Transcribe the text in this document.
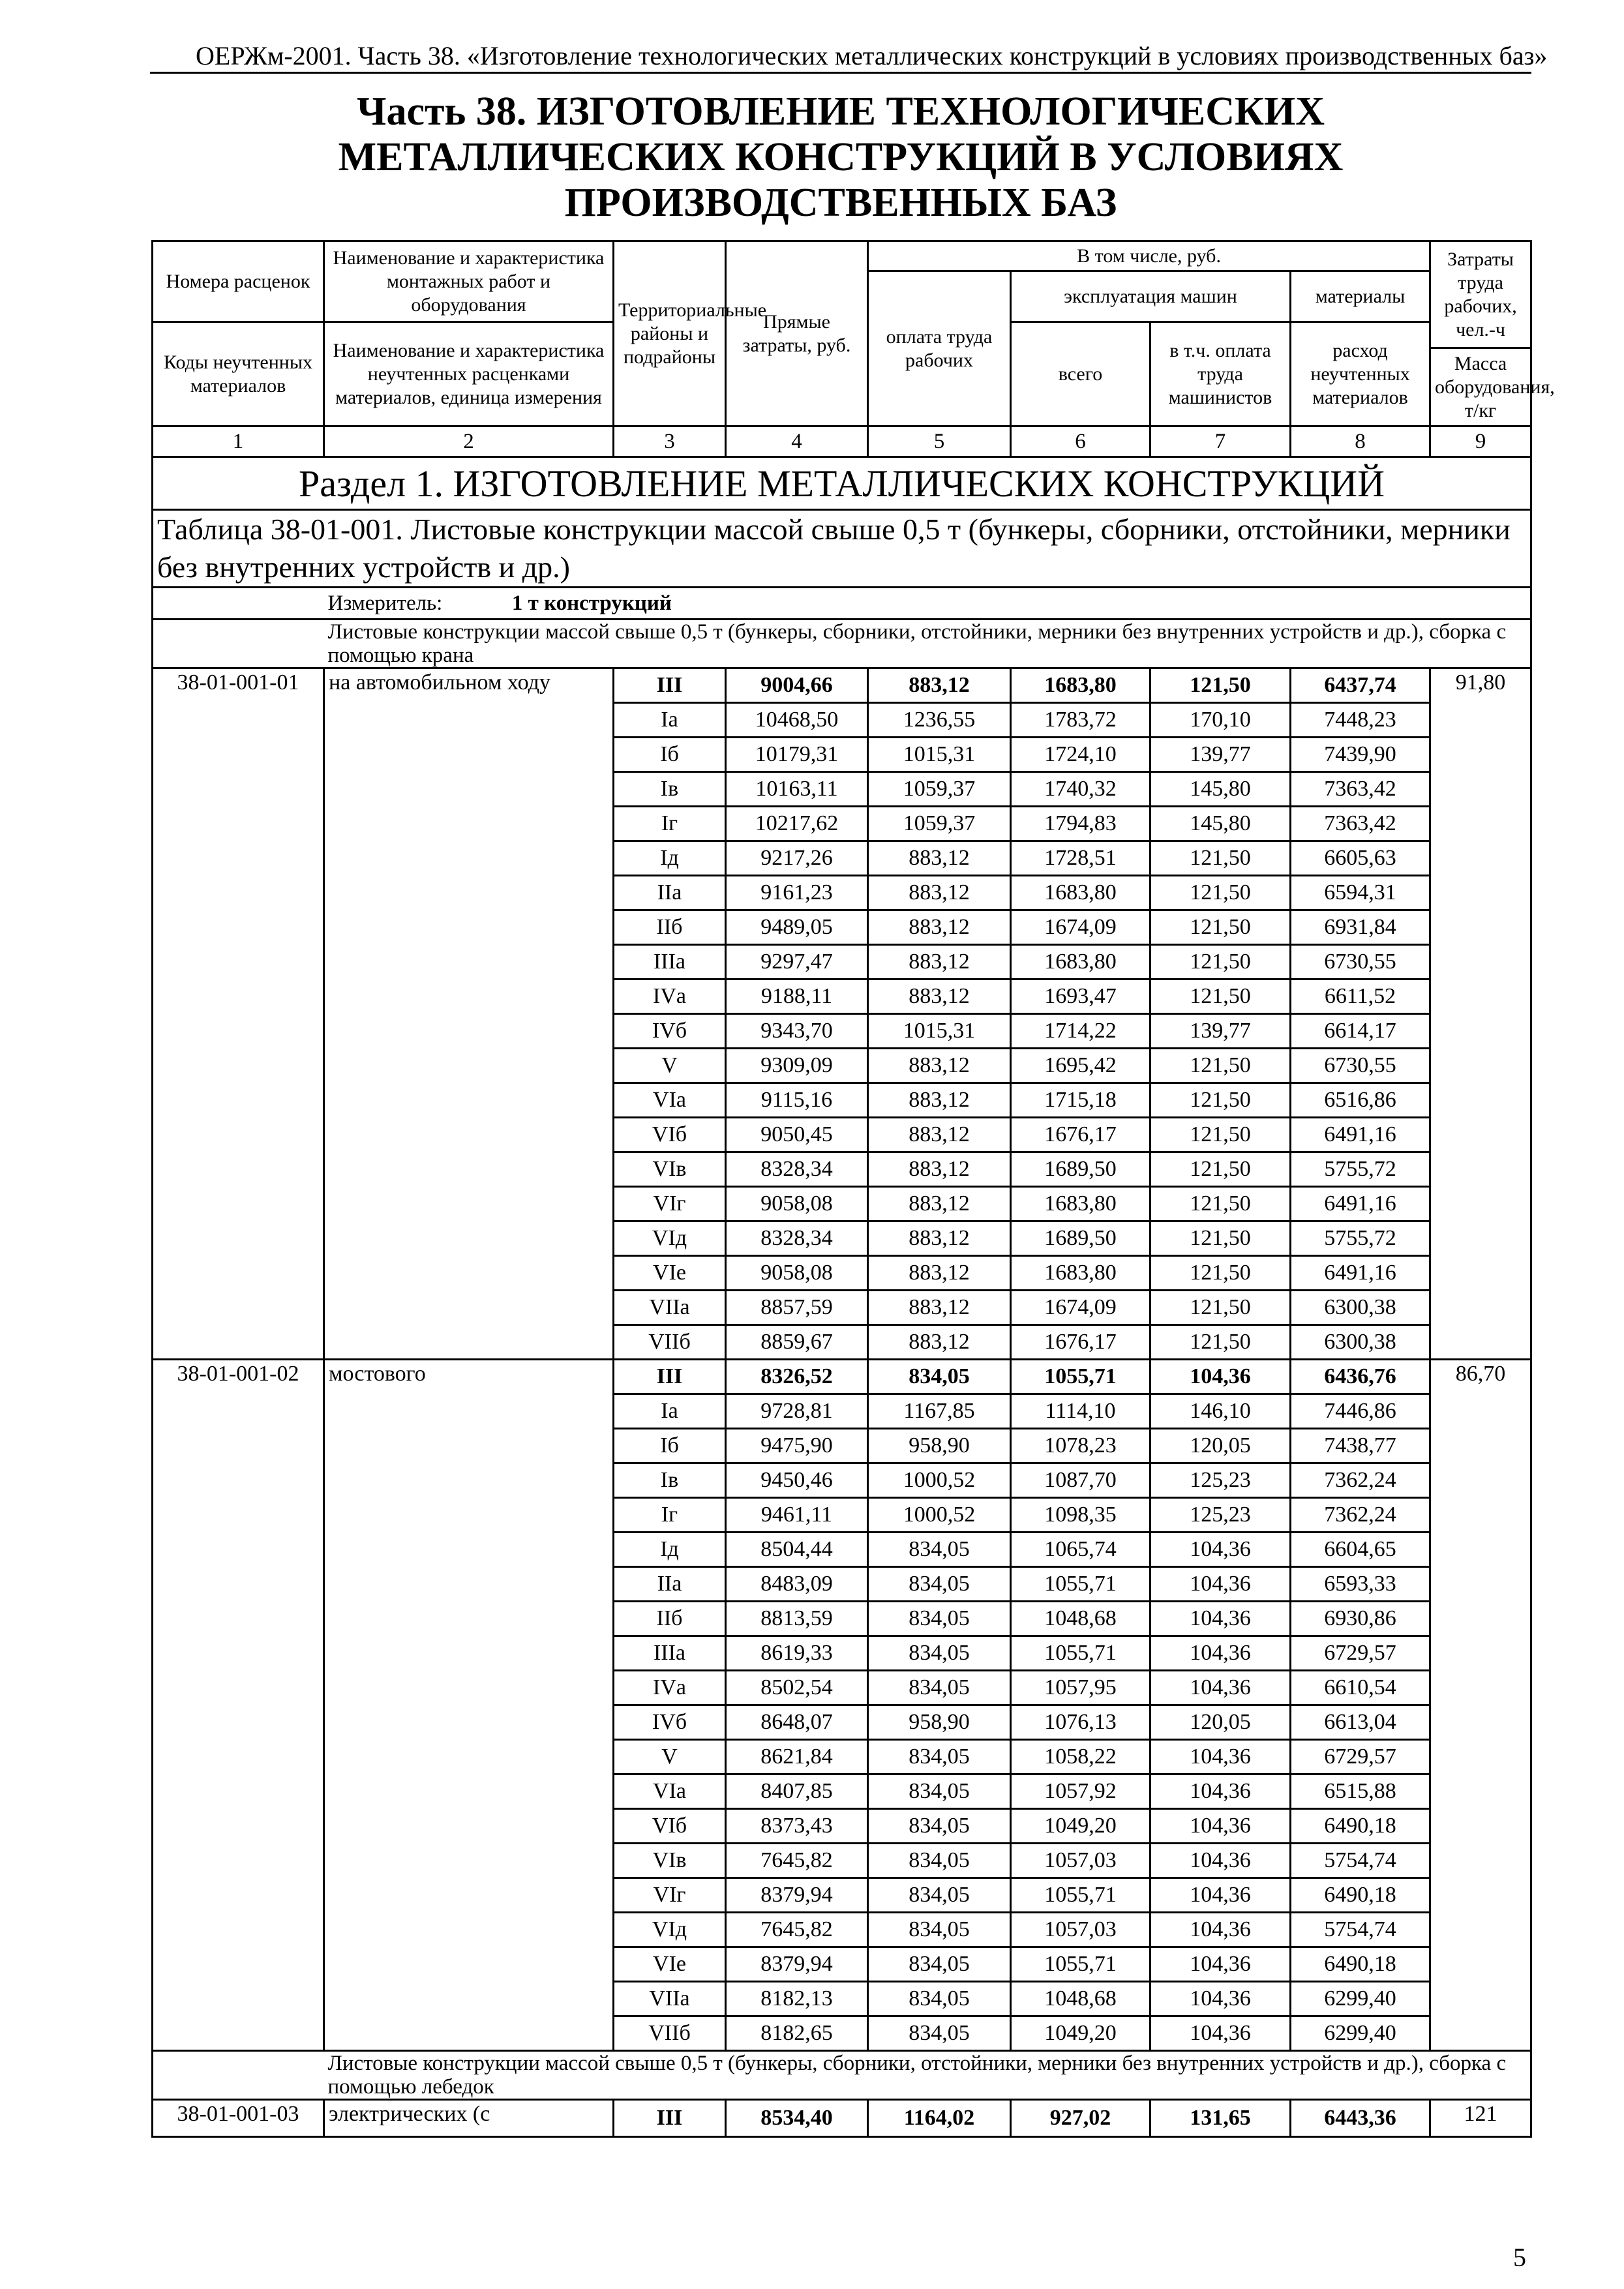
ОЕРЖм-2001. Часть 38. «Изготовление технологических металлических конструкций в условиях производственных баз»
Часть 38. ИЗГОТОВЛЕНИЕ ТЕХНОЛОГИЧЕСКИХ
МЕТАЛЛИЧЕСКИХ КОНСТРУКЦИЙ В УСЛОВИЯХ
ПРОИЗВОДСТВЕННЫХ БАЗ
Номера расценок	Наименование и характеристика монтажных работ и оборудования	Территориальные районы и подрайоны	Прямые затраты, руб.	В том числе, руб.				Затраты труда рабочих, чел.-ч
				оплата труда рабочих	эксплуатация машин		материалы	
Коды неучтенных материалов	Наименование и характеристика неучтенных расценками материалов, единица измерения				всего	в т.ч. оплата труда машинистов	расход неучтенных материалов	
								Масса оборудования, т/кг
1	2	3	4	5	6	7	8	9
Раздел 1. ИЗГОТОВЛЕНИЕ МЕТАЛЛИЧЕСКИХ КОНСТРУКЦИЙ								
Таблица 38-01-001. Листовые конструкции массой свыше 0,5 т (бункеры, сборники, отстойники, мерники без внутренних устройств и др.)								
	Измеритель: 1 т конструкций							
	Листовые конструкции массой свыше 0,5 т (бункеры, сборники, отстойники, мерники без внутренних устройств и др.), сборка с помощью крана							
38-01-001-01	на автомобильном ходу	III	9004,66	883,12	1683,80	121,50	6437,74	91,80
		Iа	10468,50	1236,55	1783,72	170,10	7448,23	
		Iб	10179,31	1015,31	1724,10	139,77	7439,90	
		Iв	10163,11	1059,37	1740,32	145,80	7363,42	
		Iг	10217,62	1059,37	1794,83	145,80	7363,42	
		Iд	9217,26	883,12	1728,51	121,50	6605,63	
		IIа	9161,23	883,12	1683,80	121,50	6594,31	
		IIб	9489,05	883,12	1674,09	121,50	6931,84	
		IIIа	9297,47	883,12	1683,80	121,50	6730,55	
		IVа	9188,11	883,12	1693,47	121,50	6611,52	
		IVб	9343,70	1015,31	1714,22	139,77	6614,17	
		V	9309,09	883,12	1695,42	121,50	6730,55	
		VIа	9115,16	883,12	1715,18	121,50	6516,86	
		VIб	9050,45	883,12	1676,17	121,50	6491,16	
		VIв	8328,34	883,12	1689,50	121,50	5755,72	
		VIг	9058,08	883,12	1683,80	121,50	6491,16	
		VIд	8328,34	883,12	1689,50	121,50	5755,72	
		VIе	9058,08	883,12	1683,80	121,50	6491,16	
		VIIа	8857,59	883,12	1674,09	121,50	6300,38	
		VIIб	8859,67	883,12	1676,17	121,50	6300,38	
38-01-001-02	мостового	III	8326,52	834,05	1055,71	104,36	6436,76	86,70
		Iа	9728,81	1167,85	1114,10	146,10	7446,86	
		Iб	9475,90	958,90	1078,23	120,05	7438,77	
		Iв	9450,46	1000,52	1087,70	125,23	7362,24	
		Iг	9461,11	1000,52	1098,35	125,23	7362,24	
		Iд	8504,44	834,05	1065,74	104,36	6604,65	
		IIа	8483,09	834,05	1055,71	104,36	6593,33	
		IIб	8813,59	834,05	1048,68	104,36	6930,86	
		IIIа	8619,33	834,05	1055,71	104,36	6729,57	
		IVа	8502,54	834,05	1057,95	104,36	6610,54	
		IVб	8648,07	958,90	1076,13	120,05	6613,04	
		V	8621,84	834,05	1058,22	104,36	6729,57	
		VIа	8407,85	834,05	1057,92	104,36	6515,88	
		VIб	8373,43	834,05	1049,20	104,36	6490,18	
		VIв	7645,82	834,05	1057,03	104,36	5754,74	
		VIг	8379,94	834,05	1055,71	104,36	6490,18	
		VIд	7645,82	834,05	1057,03	104,36	5754,74	
		VIе	8379,94	834,05	1055,71	104,36	6490,18	
		VIIа	8182,13	834,05	1048,68	104,36	6299,40	
		VIIб	8182,65	834,05	1049,20	104,36	6299,40	
	Листовые конструкции массой свыше 0,5 т (бункеры, сборники, отстойники, мерники без внутренних устройств и др.), сборка с помощью лебедок							
38-01-001-03	электрических (с	III	8534,40	1164,02	927,02	131,65	6443,36	121
5
